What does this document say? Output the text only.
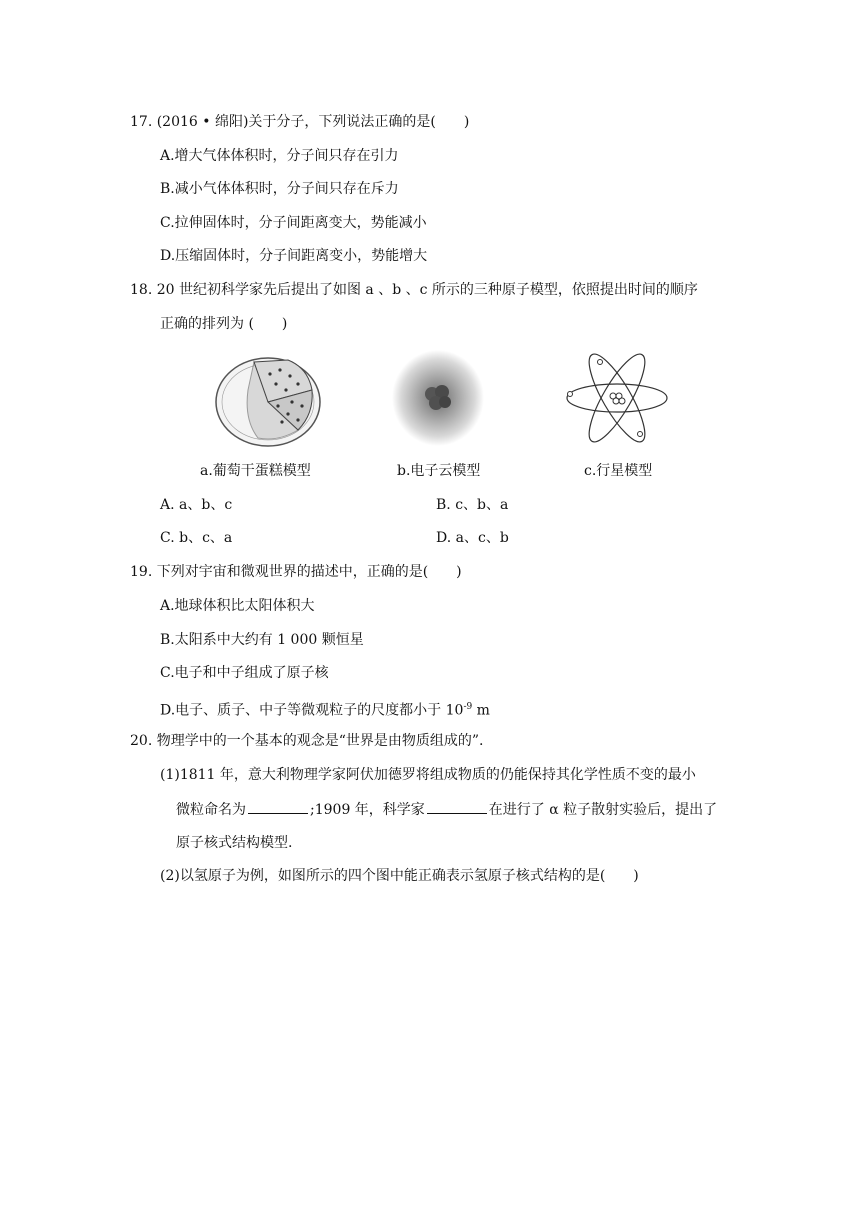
17. (2016 • 绵阳)关于分子，下列说法正确的是(　　)
A.增大气体体积时，分子间只存在引力
B.减小气体体积时，分子间只存在斥力
C.拉伸固体时，分子间距离变大，势能减小
D.压缩固体时，分子间距离变小，势能增大
18. 20 世纪初科学家先后提出了如图 a 、b 、c 所示的三种原子模型，依照提出时间的顺序
正确的排列为 (　　)
a.葡萄干蛋糕模型	b.电子云模型	c.行星模型
A. a、b、c	B. c、b、a
C. b、c、a	D. a、c、b
19. 下列对宇宙和微观世界的描述中，正确的是(　　)
A.地球体积比太阳体积大
B.太阳系中大约有 1 000 颗恒星
C.电子和中子组成了原子核
D.电子、质子、中子等微观粒子的尺度都小于 $10^{-9}$ m
20. 物理学中的一个基本的观念是“世界是由物质组成的”.
(1)1811 年，意大利物理学家阿伏加德罗将组成物质的仍能保持其化学性质不变的最小
微粒命名为	;1909 年，科学家	在进行了 α 粒子散射实验后，提出了
原子核式结构模型.
(2)以氢原子为例，如图所示的四个图中能正确表示氢原子核式结构的是(　　)
